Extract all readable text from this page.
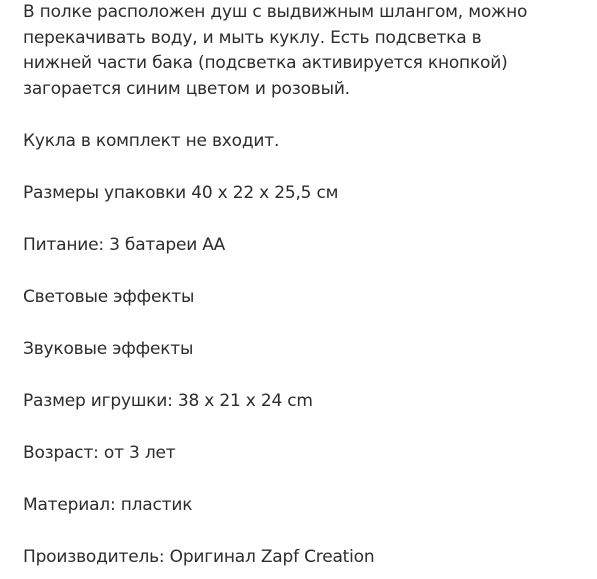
В полке расположен душ с выдвижным шлангом, можно
перекачивать воду, и мыть куклу. Есть подсветка в
нижней части бака (подсветка активируется кнопкой)
загорается синим цветом и розовый.

Кукла в комплект не входит.

Размеры упаковки 40 х 22 х 25,5 см

Питание: 3 батареи АА

Световые эффекты

Звуковые эффекты

Размер игрушки: 38 х 21 х 24 cm

Возраст: от 3 лет

Материал: пластик

Производитель: Оригинал Zapf Creation
